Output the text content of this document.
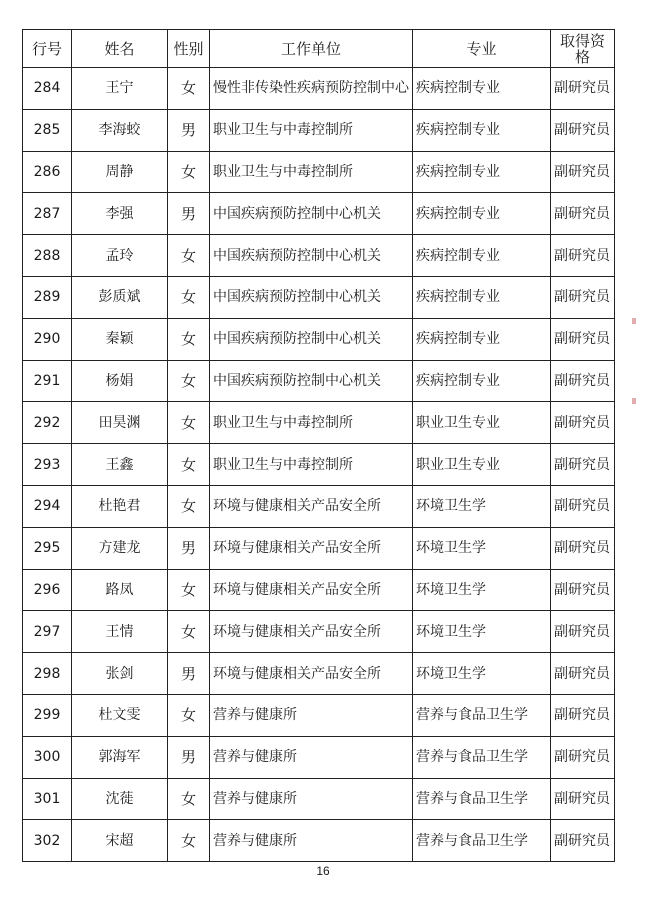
行号	姓名	性别	工作单位	专业	取得资格
284	王宁	女	慢性非传染性疾病预防控制中心	疾病控制专业	副研究员
285	李海蛟	男	职业卫生与中毒控制所	疾病控制专业	副研究员
286	周静	女	职业卫生与中毒控制所	疾病控制专业	副研究员
287	李强	男	中国疾病预防控制中心机关	疾病控制专业	副研究员
288	孟玲	女	中国疾病预防控制中心机关	疾病控制专业	副研究员
289	彭质斌	女	中国疾病预防控制中心机关	疾病控制专业	副研究员
290	秦颖	女	中国疾病预防控制中心机关	疾病控制专业	副研究员
291	杨娟	女	中国疾病预防控制中心机关	疾病控制专业	副研究员
292	田昊渊	女	职业卫生与中毒控制所	职业卫生专业	副研究员
293	王鑫	女	职业卫生与中毒控制所	职业卫生专业	副研究员
294	杜艳君	女	环境与健康相关产品安全所	环境卫生学	副研究员
295	方建龙	男	环境与健康相关产品安全所	环境卫生学	副研究员
296	路凤	女	环境与健康相关产品安全所	环境卫生学	副研究员
297	王情	女	环境与健康相关产品安全所	环境卫生学	副研究员
298	张剑	男	环境与健康相关产品安全所	环境卫生学	副研究员
299	杜文雯	女	营养与健康所	营养与食品卫生学	副研究员
300	郭海军	男	营养与健康所	营养与食品卫生学	副研究员
301	沈蓰	女	营养与健康所	营养与食品卫生学	副研究员
302	宋超	女	营养与健康所	营养与食品卫生学	副研究员
16
